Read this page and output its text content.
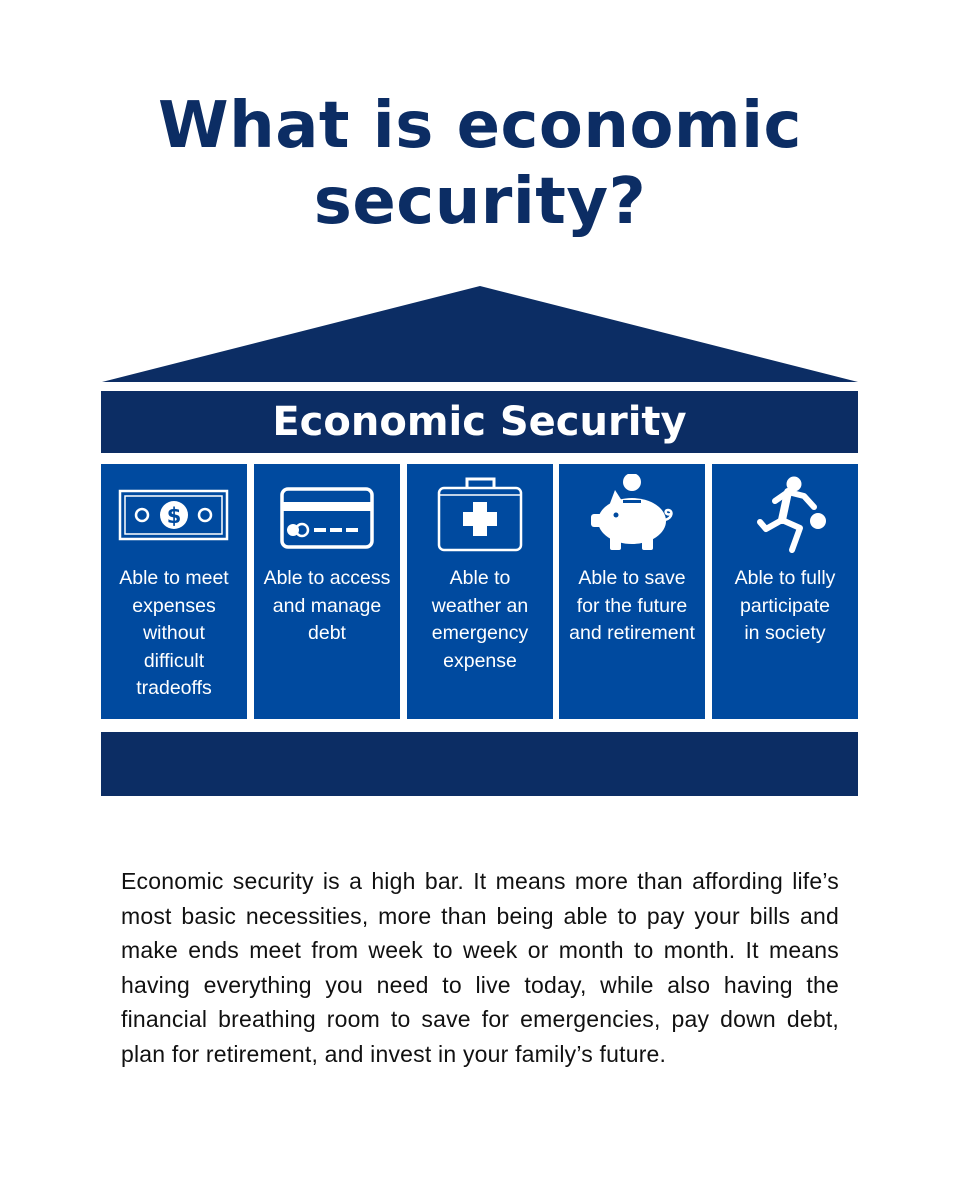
What is economic
security?
Economic Security
$
Able to meet
expenses
without
difficult
tradeoffs
Able to access
and manage
debt
Able to
weather an
emergency
expense
Able to save
for the future
and retirement
Able to fully
participate
in society
Economic security is a high bar. It means more than affording life’s most basic necessities, more than being able to pay your bills and make ends meet from week to week or month to month. It means having everything you need to live today, while also having the financial breathing room to save for emergencies, pay down debt, plan for retirement, and invest in your family’s future.
